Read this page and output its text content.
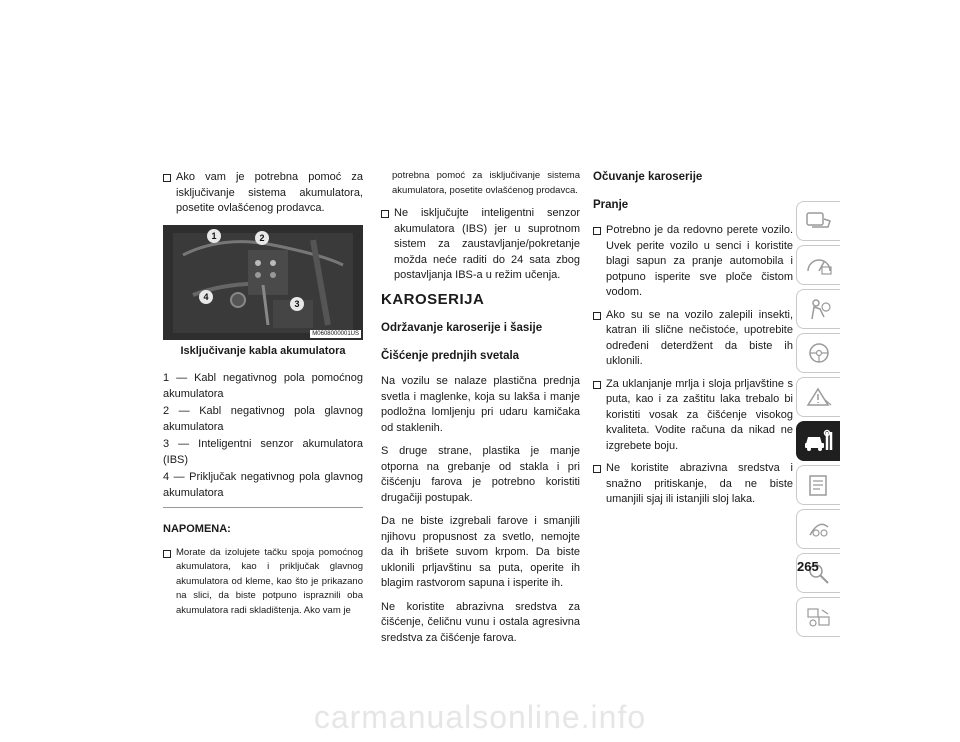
Ako vam je potrebna pomoć za isključivanje sistema akumulatora, posetite ovlašćenog prodavca.
1	2
3
4
M0608000001US
Isključivanje kabla akumulatora
1 — Kabl negativnog pola pomoćnog akumulatora
2 — Kabl negativnog pola glavnog akumulatora
3 — Inteligentni senzor akumulatora (IBS)
4 — Priključak negativnog pola glavnog akumulatora
NAPOMENA:
Morate da izolujete tačku spoja pomoćnog akumulatora, kao i priključak glavnog akumulatora od kleme, kao što je prikazano na slici, da biste potpuno ispraznili oba akumulatora radi skladištenja. Ako vam je

potrebna pomoć za isključivanje sistema akumulatora, posetite ovlašćenog prodavca.

Ne isključujte inteligentni senzor akumulatora (IBS) jer u suprotnom sistem za zaustavljanje/pokretanje možda neće raditi do 24 sata zbog postavljanja IBS-a u režim učenja.
KAROSERIJA
Održavanje karoserije i šasije
Čišćenje prednjih svetala

Na vozilu se nalaze plastična prednja svetla i maglenke, koja su lakša i manje podložna lomljenju pri udaru kamičaka od staklenih.

S druge strane, plastika je manje otporna na grebanje od stakla i pri čišćenju farova je potrebno koristiti drugačiji postupak.

Da ne biste izgrebali farove i smanjili njihovu propusnost za svetlo, nemojte da ih brišete suvom krpom. Da biste uklonili prljavštinu sa puta, operite ih blagim rastvorom sapuna i isperite ih.

Ne koristite abrazivna sredstva za čišćenje, čeličnu vunu i ostala agresivna sredstva za čišćenje farova.

Očuvanje karoserije
Pranje
Potrebno je da redovno perete vozilo. Uvek perite vozilo u senci i koristite blagi sapun za pranje automobila i potpuno isperite sve ploče čistom vodom.
Ako su se na vozilo zalepili insekti, katran ili slične nečistoće, upotrebite određeni deterdžent da biste ih uklonili.
Za uklanjanje mrlja i sloja prljavštine s puta, kao i za zaštitu laka trebalo bi koristiti vosak za čišćenje visokog kvaliteta. Vodite računa da nikad ne izgrebete boju.
Ne koristite abrazivna sredstva i snažno pritiskanje, da ne biste umanjili sjaj ili istanjili sloj laka.
265
carmanualsonline.info
